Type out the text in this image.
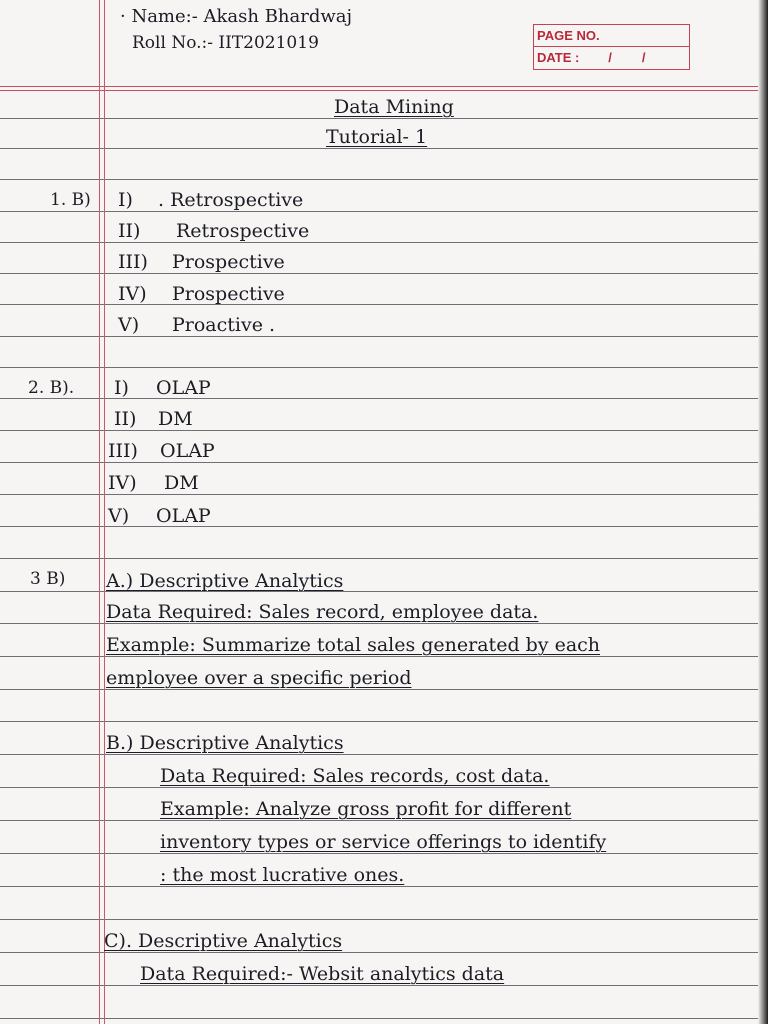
· Name:- Akash Bhardwaj
Roll No.:- IIT2021019	PAGE NO.
DATE : / /
Data Mining
Tutorial- 1
1. B) I) . Retrospective
II) Retrospective
III) Prospective
IV) Prospective
V) Proactive .
2. B). I) OLAP
II) DM
III) OLAP
IV) DM
V) OLAP
3 B) A.) Descriptive Analytics
Data Required: Sales record, employee data.
Example: Summarize total sales generated by each
employee over a specific period
B.) Descriptive Analytics
Data Required: Sales records, cost data.
Example: Analyze gross profit for different
inventory types or service offerings to identify
: the most lucrative ones.
C). Descriptive Analytics
Data Required:- Websit analytics data
